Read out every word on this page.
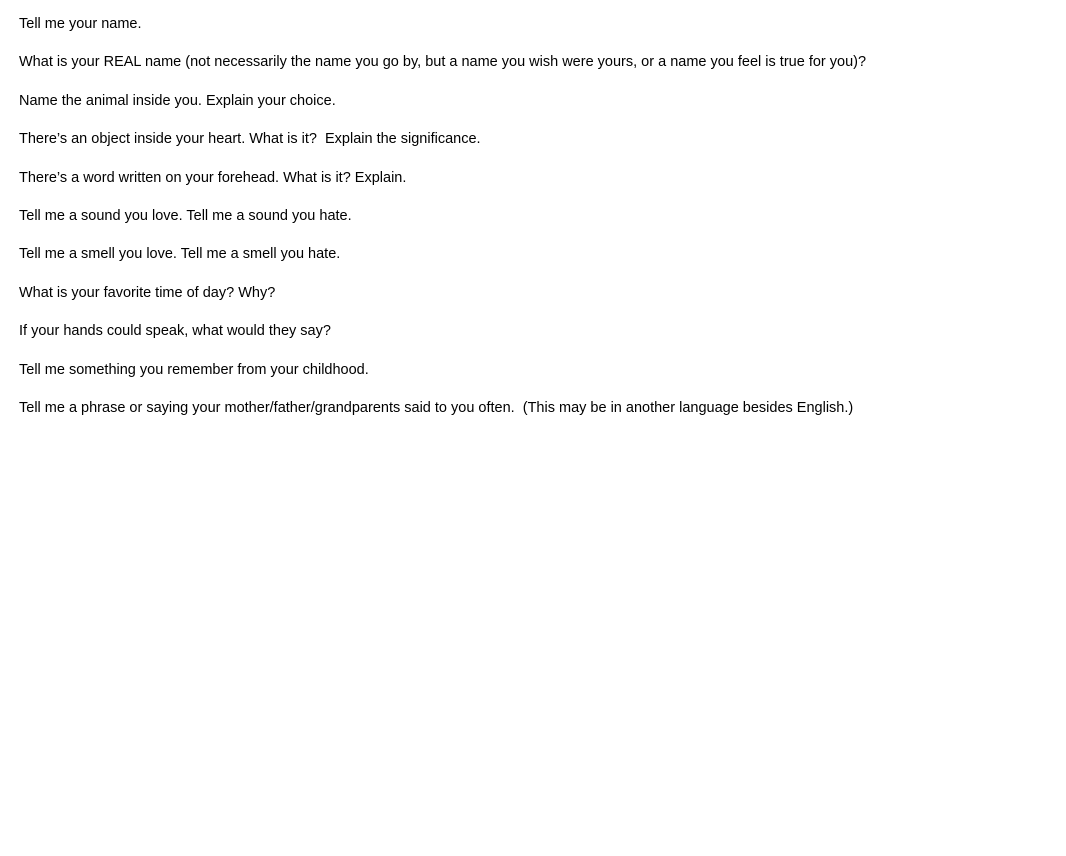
Tell me your name.

What is your REAL name (not necessarily the name you go by, but a name you wish were yours, or a name you feel is true for you)?

Name the animal inside you. Explain your choice.

There’s an object inside your heart. What is it?  Explain the significance.

There’s a word written on your forehead. What is it? Explain.

Tell me a sound you love. Tell me a sound you hate.

Tell me a smell you love. Tell me a smell you hate.

What is your favorite time of day? Why?

If your hands could speak, what would they say?

Tell me something you remember from your childhood.

Tell me a phrase or saying your mother/father/grandparents said to you often.  (This may be in another language besides English.)
